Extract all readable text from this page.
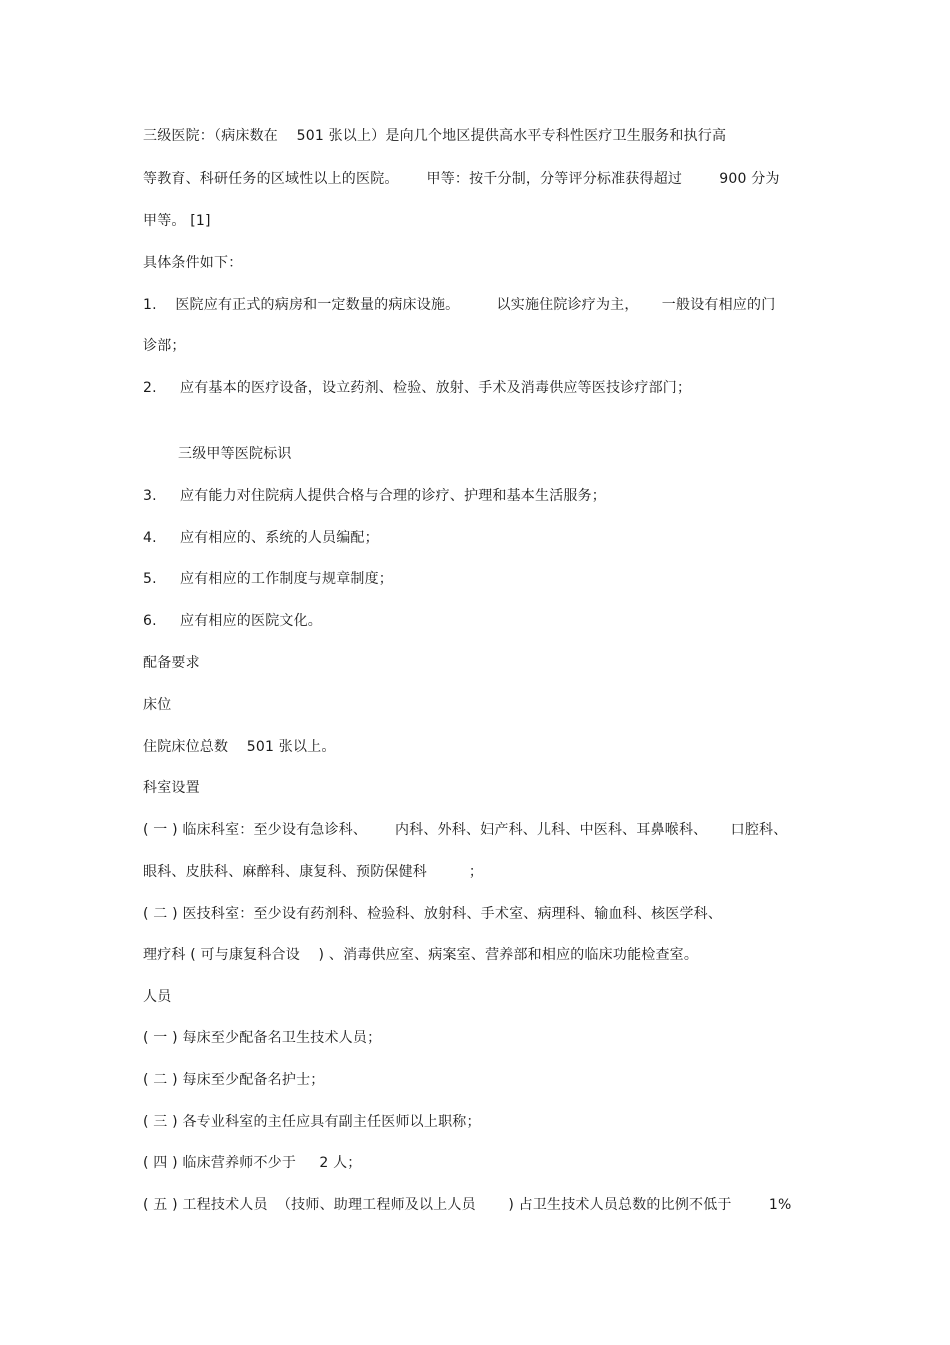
三级医院：（病床数在    501 张以上）是向几个地区提供高水平专科性医疗卫生服务和执行高
等教育、科研任务的区域性以上的医院。      甲等：按千分制，分等评分标准获得超过        900 分为
甲等。 [1]
具体条件如下：
1.    医院应有正式的病房和一定数量的病床设施。        以实施住院诊疗为主，     一般设有相应的门
诊部；
2.     应有基本的医疗设备，设立药剂、检验、放射、手术及消毒供应等医技诊疗部门；
三级甲等医院标识
3.     应有能力对住院病人提供合格与合理的诊疗、护理和基本生活服务；
4.     应有相应的、系统的人员编配；
5.     应有相应的工作制度与规章制度；
6.     应有相应的医院文化。
配备要求
床位
住院床位总数    501 张以上。
科室设置
( 一 ) 临床科室：至少设有急诊科、      内科、外科、妇产科、儿科、中医科、耳鼻喉科、     口腔科、
眼科、皮肤科、麻醉科、康复科、预防保健科         ；
( 二 ) 医技科室：至少设有药剂科、检验科、放射科、手术室、病理科、输血科、核医学科、
理疗科 ( 可与康复科合设    ) 、消毒供应室、病案室、营养部和相应的临床功能检查室。
人员
( 一 ) 每床至少配备名卫生技术人员；
( 二 ) 每床至少配备名护士；
( 三 ) 各专业科室的主任应具有副主任医师以上职称；
( 四 ) 临床营养师不少于     2 人；
( 五 ) 工程技术人员  （技师、助理工程师及以上人员       ) 占卫生技术人员总数的比例不低于        1%
